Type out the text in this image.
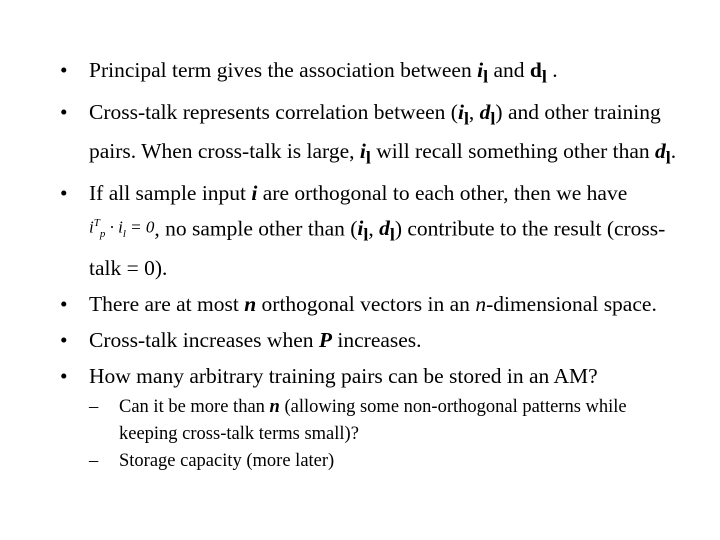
• Principal term gives the association between $i_l$ and $d_l$ .
• Cross-talk represents correlation between ($i_l$, $d_l$) and other training pairs. When cross-talk is large, $i_l$ will recall something other than $d_l$.
• If all sample input i are orthogonal to each other, then we have $i^T_p \cdot i_l = 0$, no sample other than ($i_l$, $d_l$) contribute to the result (cross-talk = 0).
• There are at most n orthogonal vectors in an n-dimensional space.
• Cross-talk increases when P increases.
• How many arbitrary training pairs can be stored in an AM?
– Can it be more than n (allowing some non-orthogonal patterns while keeping cross-talk terms small)?
– Storage capacity (more later)
